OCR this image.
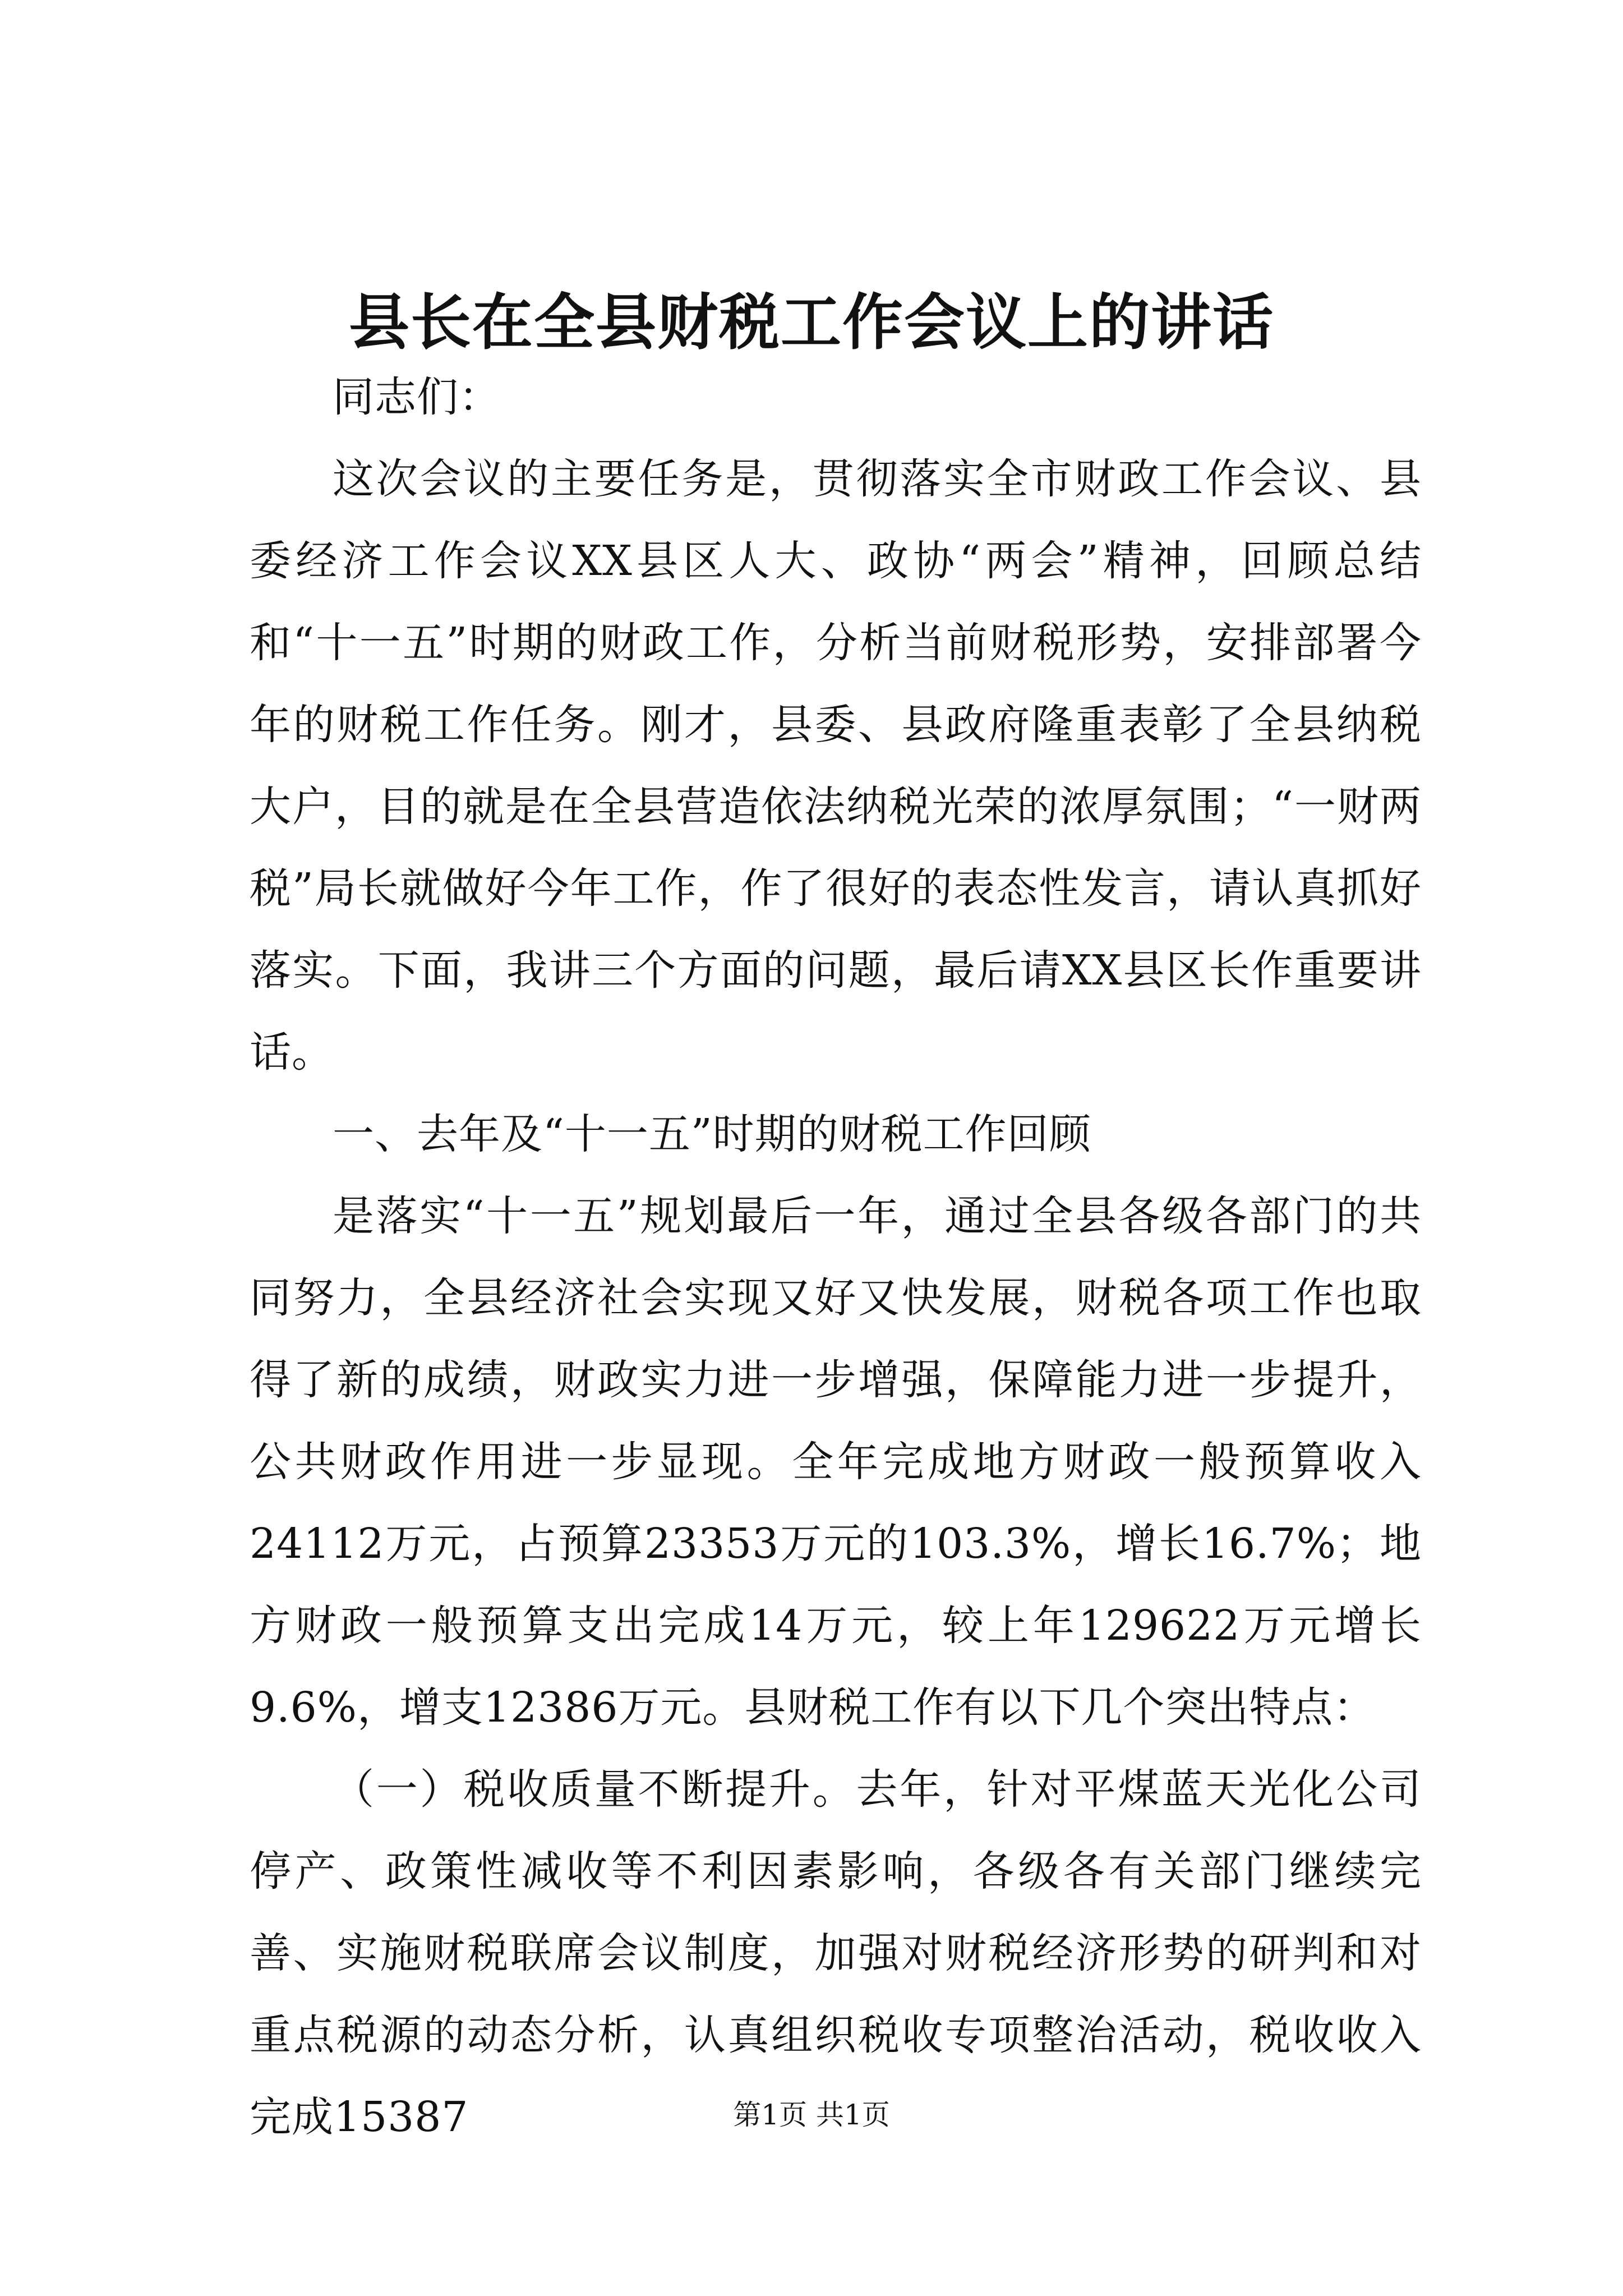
县长在全县财税工作会议上的讲话

同志们：

这次会议的主要任务是，贯彻落实全市财政工作会议、县委经济工作会议XX县区人大、政协“两会”精神，回顾总结和“十一五”时期的财政工作，分析当前财税形势，安排部署今年的财税工作任务。刚才，县委、县政府隆重表彰了全县纳税大户，目的就是在全县营造依法纳税光荣的浓厚氛围；“一财两税”局长就做好今年工作，作了很好的表态性发言，请认真抓好落实。下面，我讲三个方面的问题，最后请XX县区长作重要讲话。

一、去年及“十一五”时期的财税工作回顾

是落实“十一五”规划最后一年，通过全县各级各部门的共同努力，全县经济社会实现又好又快发展，财税各项工作也取得了新的成绩，财政实力进一步增强，保障能力进一步提升，公共财政作用进一步显现。全年完成地方财政一般预算收入24112万元，占预算23353万元的103.3%，增长16.7%；地方财政一般预算支出完成14万元，较上年129622万元增长9.6%，增支12386万元。县财税工作有以下几个突出特点：

（一）税收质量不断提升。去年，针对平煤蓝天光化公司停产、政策性减收等不利因素影响，各级各有关部门继续完善、实施财税联席会议制度，加强对财税经济形势的研判和对重点税源的动态分析，认真组织税收专项整治活动，税收收入完成15387	第1页 共1页
